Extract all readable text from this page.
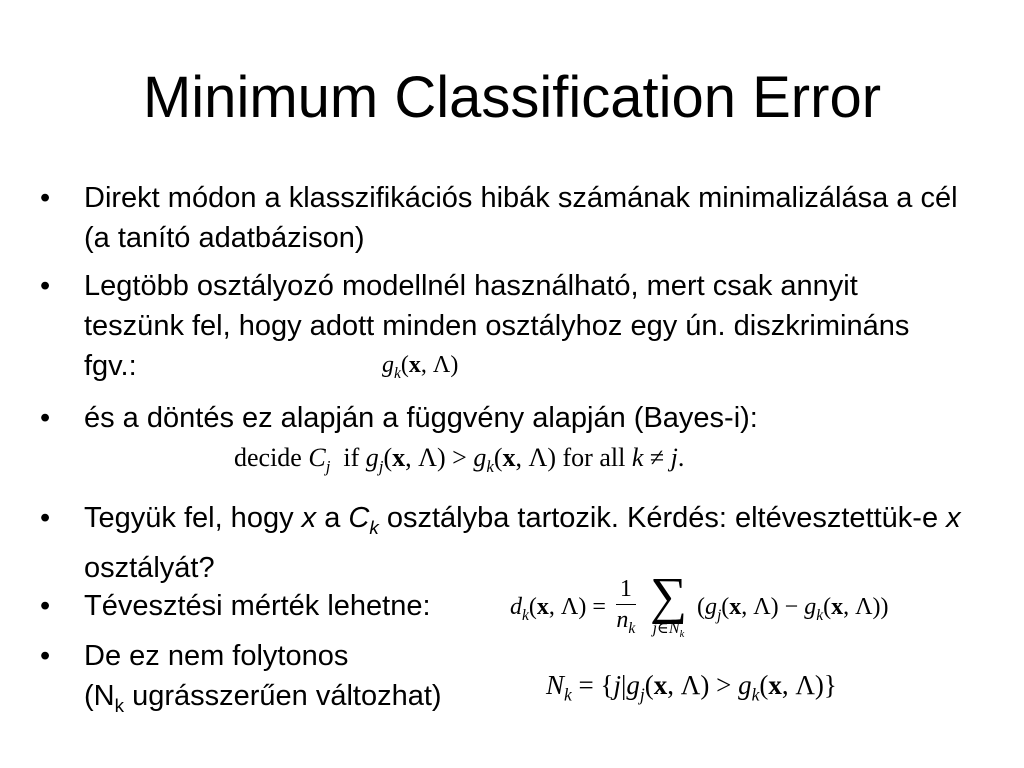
Minimum Classification Error
•	Direkt módon a klasszifikációs hibák számának minimalizálása a cél (a tanító adatbázison)
•	Legtöbb osztályozó modellnél használható, mert csak annyit teszünk fel, hogy adott minden osztályhoz egy ún. diszkrimináns fgv.:	$g_k(x$, Λ)
•	és a döntés ez alapján a függvény alapján (Bayes-i):
decide $C_j$  if $g_j(x$, $\Lambda) > g_k(x$, Λ) for all k ≠ j.
•	Tegyük fel, hogy x a $C_k$ osztályba tartozik. Kérdés: eltévesztettük-e x osztályát?
•	Tévesztési mérték lehetne:	$d_k(x$, $\Lambda) = \frac{1}{n_k}$
∑
$j\in N_k$
($g_j(x$, $\Lambda) - g_k(x$, Λ))
•	De ez nem folytonos
($N_k$ ugrásszerűen változhat)	$N_k = \{j|g_j(x$, $\Lambda) > g_k(x$, Λ)}
